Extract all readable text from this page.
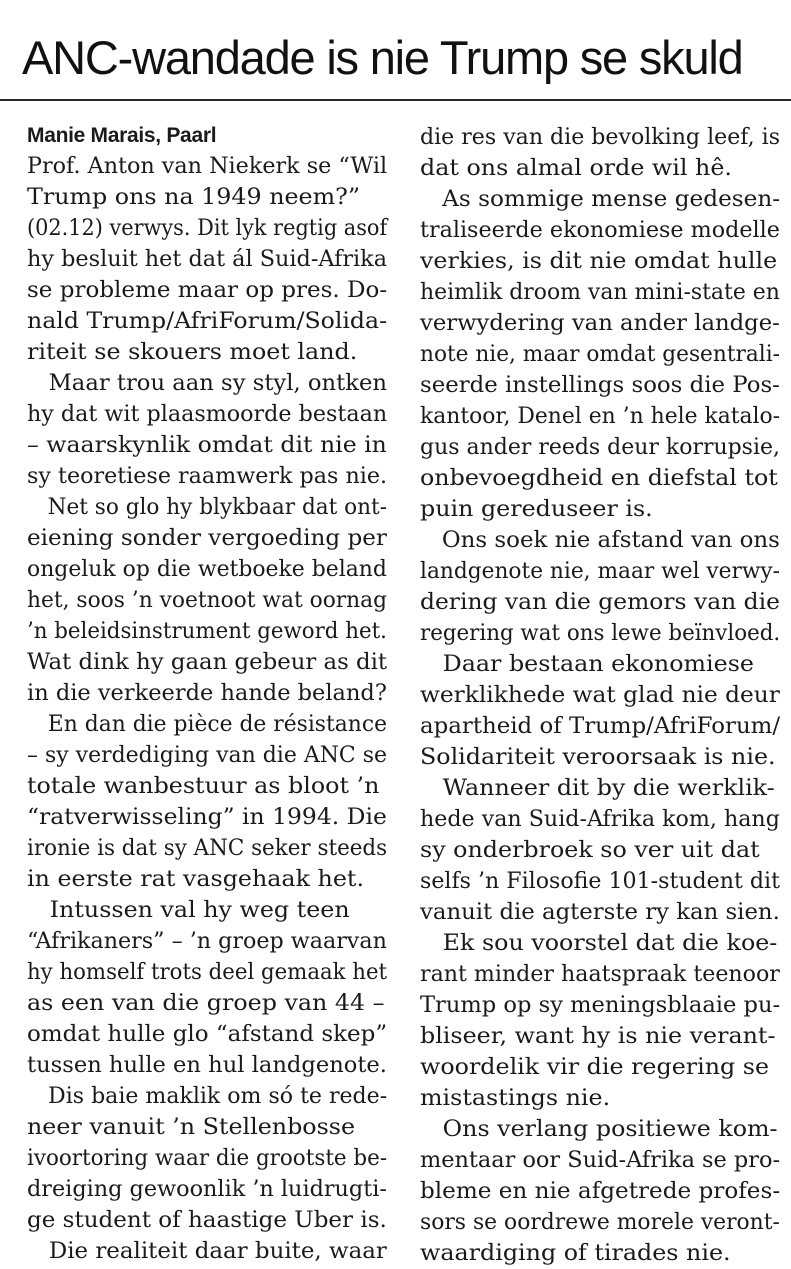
ANC-wandade is nie Trump se skuld
Manie Marais, Paarl
Prof. Anton van Niekerk se “Wil
Trump ons na 1949 neem?”
(02.12) verwys. Dit lyk regtig asof
hy besluit het dat ál Suid-Afrika
se probleme maar op pres. Do-
nald Trump/AfriForum/Solida-
riteit se skouers moet land.
Maar trou aan sy styl, ontken
hy dat wit plaasmoorde bestaan
– waarskynlik omdat dit nie in
sy teoretiese raamwerk pas nie.
Net so glo hy blykbaar dat ont-
eiening sonder vergoeding per
ongeluk op die wetboeke beland
het, soos ’n voetnoot wat oornag
’n beleidsinstrument geword het.
Wat dink hy gaan gebeur as dit
in die verkeerde hande beland?
En dan die pièce de résistance
– sy verdediging van die ANC se
totale wanbestuur as bloot ’n
“ratverwisseling” in 1994. Die
ironie is dat sy ANC seker steeds
in eerste rat vasgehaak het.
Intussen val hy weg teen
“Afrikaners” – ’n groep waarvan
hy homself trots deel gemaak het
as een van die groep van 44 –
omdat hulle glo “afstand skep”
tussen hulle en hul landgenote.
Dis baie maklik om só te rede-
neer vanuit ’n Stellenbosse
ivoortoring waar die grootste be-
dreiging gewoonlik ’n luidrugti-
ge student of haastige Uber is.
Die realiteit daar buite, waar
die res van die bevolking leef, is
dat ons almal orde wil hê.
As sommige mense gedesen-
traliseerde ekonomiese modelle
verkies, is dit nie omdat hulle
heimlik droom van mini-state en
verwydering van ander landge-
note nie, maar omdat gesentrali-
seerde instellings soos die Pos-
kantoor, Denel en ’n hele katalo-
gus ander reeds deur korrupsie,
onbevoegdheid en diefstal tot
puin gereduseer is.
Ons soek nie afstand van ons
landgenote nie, maar wel verwy-
dering van die gemors van die
regering wat ons lewe beïnvloed.
Daar bestaan ekonomiese
werklikhede wat glad nie deur
apartheid of Trump/AfriForum/
Solidariteit veroorsaak is nie.
Wanneer dit by die werklik-
hede van Suid-Afrika kom, hang
sy onderbroek so ver uit dat
selfs ’n Filosofie 101-student dit
vanuit die agterste ry kan sien.
Ek sou voorstel dat die koe-
rant minder haatspraak teenoor
Trump op sy meningsblaaie pu-
bliseer, want hy is nie verant-
woordelik vir die regering se
mistastings nie.
Ons verlang positiewe kom-
mentaar oor Suid-Afrika se pro-
bleme en nie afgetrede profes-
sors se oordrewe morele veront-
waardiging of tirades nie.
